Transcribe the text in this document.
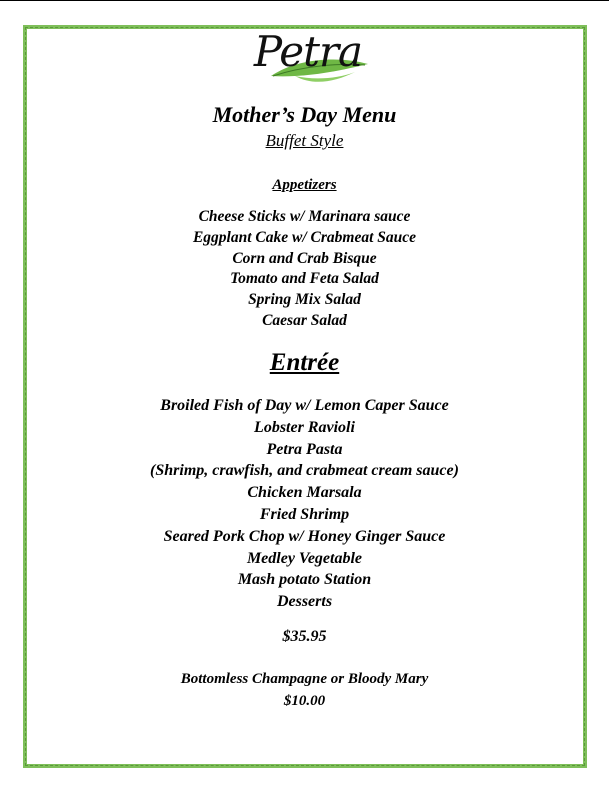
Petra
Mother’s Day Menu
Buffet Style
Appetizers
Cheese Sticks w/ Marinara sauce
Eggplant Cake w/ Crabmeat Sauce
Corn and Crab Bisque
Tomato and Feta Salad
Spring Mix Salad
Caesar Salad
Entrée
Broiled Fish of Day w/ Lemon Caper Sauce
Lobster Ravioli
Petra Pasta
(Shrimp, crawfish, and crabmeat cream sauce)
Chicken Marsala
Fried Shrimp
Seared Pork Chop w/ Honey Ginger Sauce
Medley Vegetable
Mash potato Station
Desserts
$35.95
Bottomless Champagne or Bloody Mary
$10.00
